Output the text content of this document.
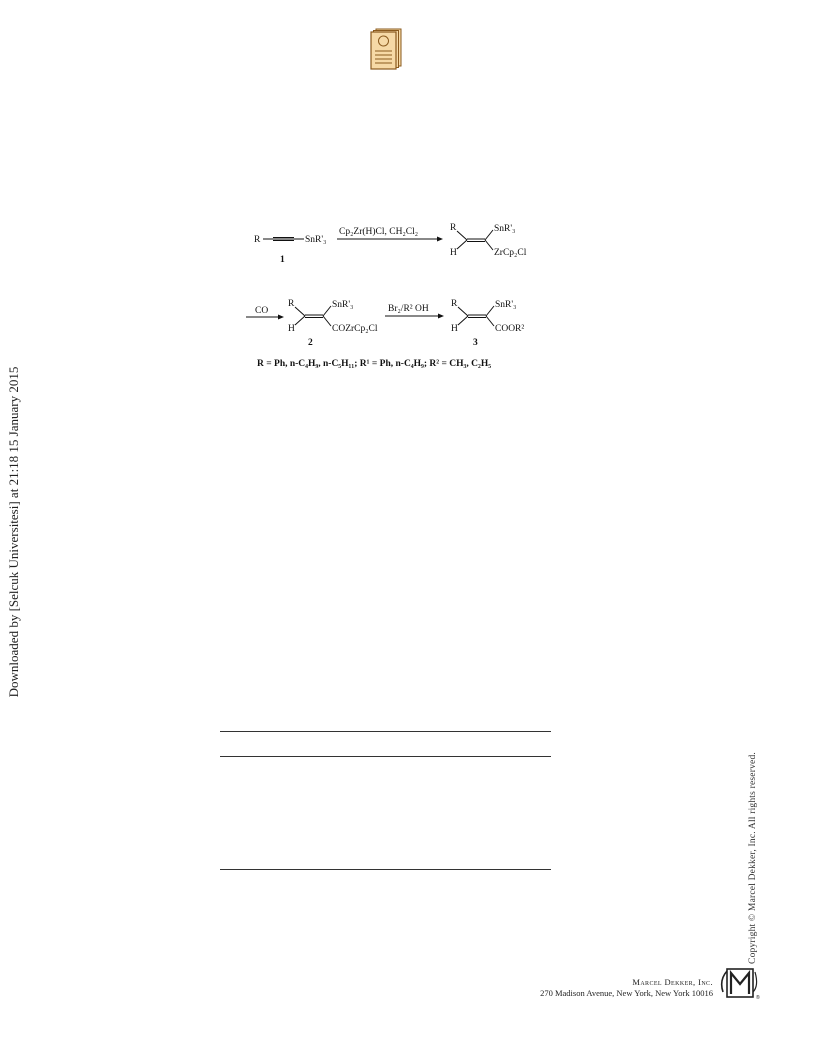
Downloaded by [Selcuk Universitesi] at 21:18 15 January 2015
Copyright © Marcel Dekker, Inc. All rights reserved.
R	SnR'₃
1
Cp₂Zr(H)Cl, CH₂Cl₂	R
H
SnR'₃
ZrCp₂Cl
CO
R
H
SnR'₃
COZrCp₂Cl
2
Br₂/R² OH R
H
SnR'₃
COOR²
3
R = Ph, n-C₄H₉, n-C₅H₁₁; R¹ = Ph, n-C₄H₉; R² = CH₃, C₂H₅
Marcel Dekker, Inc.
270 Madison Avenue, New York, New York 10016	®
